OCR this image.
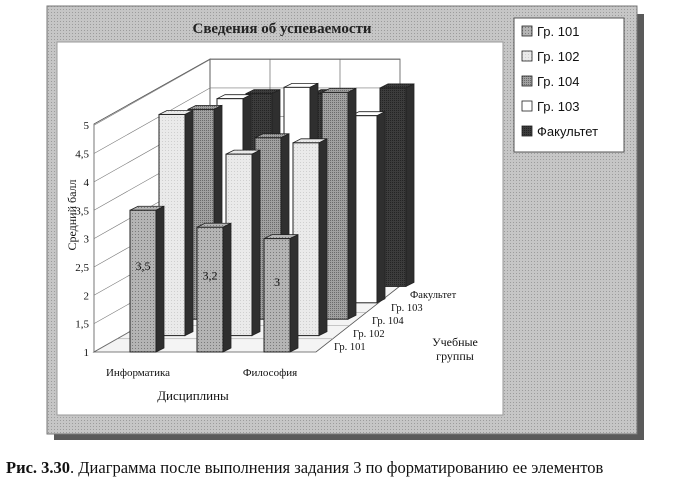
Сведения об успеваемости
1
1,5
2
2,5
3
3,5
4
4,5
5
Гр. 101
Гр. 102
Гр. 104
Гр. 103
Факультет
3,5
3,2	3
Средний балл
Информатика	Философия
Дисциплины
Учебные
группы
Гр. 101
Гр. 102
Гр. 104
Гр. 103
Факультет
Рис. 3.30. Диаграмма после выполнения задания 3 по форматированию ее элементов
